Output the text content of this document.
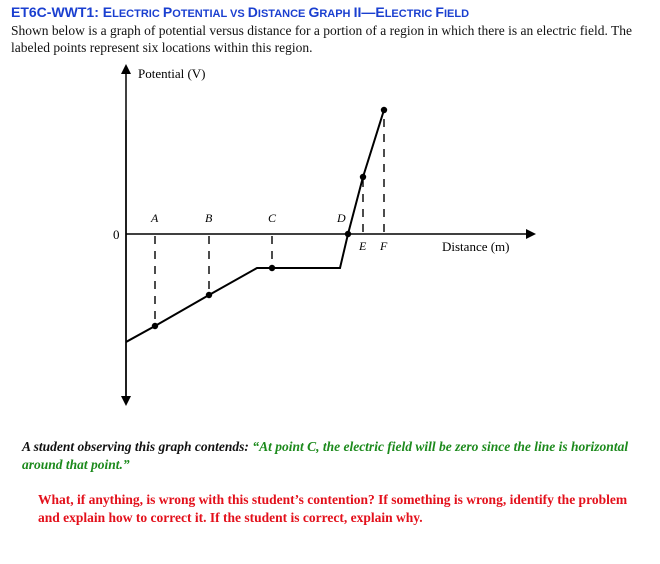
ET6C-WWT1: ELECTRIC POTENTIAL VS DISTANCE GRAPH II—ELECTRIC FIELD
Shown below is a graph of potential versus distance for a portion of a region in which there is an electric field. The labeled points represent six locations within this region.
Potential (V)
Distance (m)
0
A	B	C	D
E F
A student observing this graph contends: “At point C, the electric field will be zero since the line is horizontal around that point.”
What, if anything, is wrong with this student’s contention? If something is wrong, identify the problem and explain how to correct it. If the student is correct, explain why.
